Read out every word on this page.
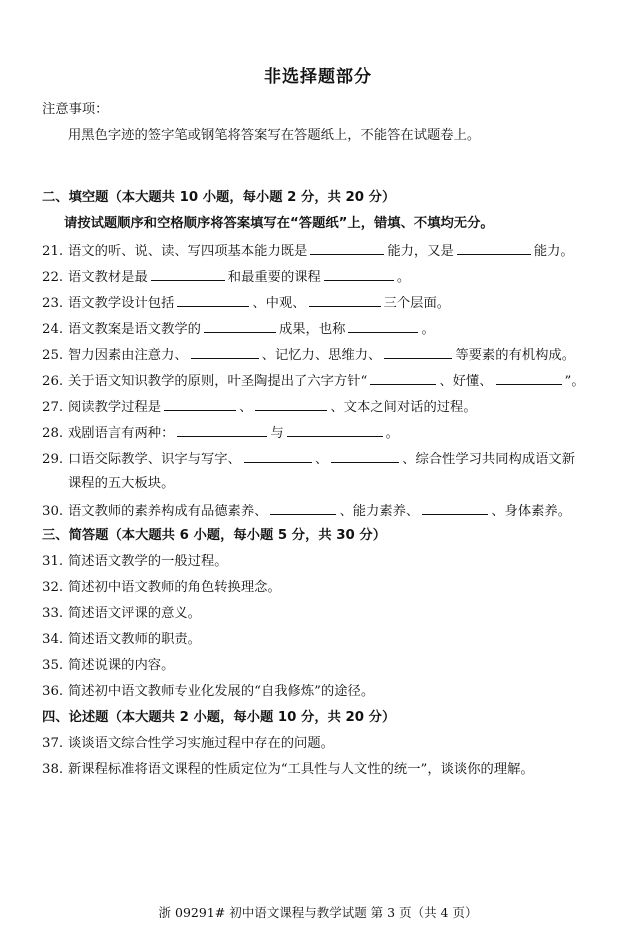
非选择题部分
注意事项：
用黑色字迹的签字笔或钢笔将答案写在答题纸上，不能答在试题卷上。
二、填空题（本大题共 10 小题，每小题 2 分，共 20 分）
请按试题顺序和空格顺序将答案填写在“答题纸”上，错填、不填均无分。
21. 语文的听、说、读、写四项基本能力既是	能力，又是	能力。
22. 语文教材是最	和最重要的课程	。
23. 语文教学设计包括	、中观、	三个层面。
24. 语文教案是语文教学的	成果，也称	。
25. 智力因素由注意力、	、记忆力、思维力、	等要素的有机构成。
26. 关于语文知识教学的原则，叶圣陶提出了六字方针“	、好懂、	”。
27. 阅读教学过程是	、	、文本之间对话的过程。
28. 戏剧语言有两种：	与	。
29. 口语交际教学、识字与写字、	、	、综合性学习共同构成语文新
课程的五大板块。
30. 语文教师的素养构成有品德素养、	、能力素养、	、身体素养。
三、简答题（本大题共 6 小题，每小题 5 分，共 30 分）
31. 简述语文教学的一般过程。
32. 简述初中语文教师的角色转换理念。
33. 简述语文评课的意义。
34. 简述语文教师的职责。
35. 简述说课的内容。
36. 简述初中语文教师专业化发展的“自我修炼”的途径。
四、论述题（本大题共 2 小题，每小题 10 分，共 20 分）
37. 谈谈语文综合性学习实施过程中存在的问题。
38. 新课程标准将语文课程的性质定位为“工具性与人文性的统一”，谈谈你的理解。
浙 09291# 初中语文课程与教学试题 第 3 页（共 4 页）
